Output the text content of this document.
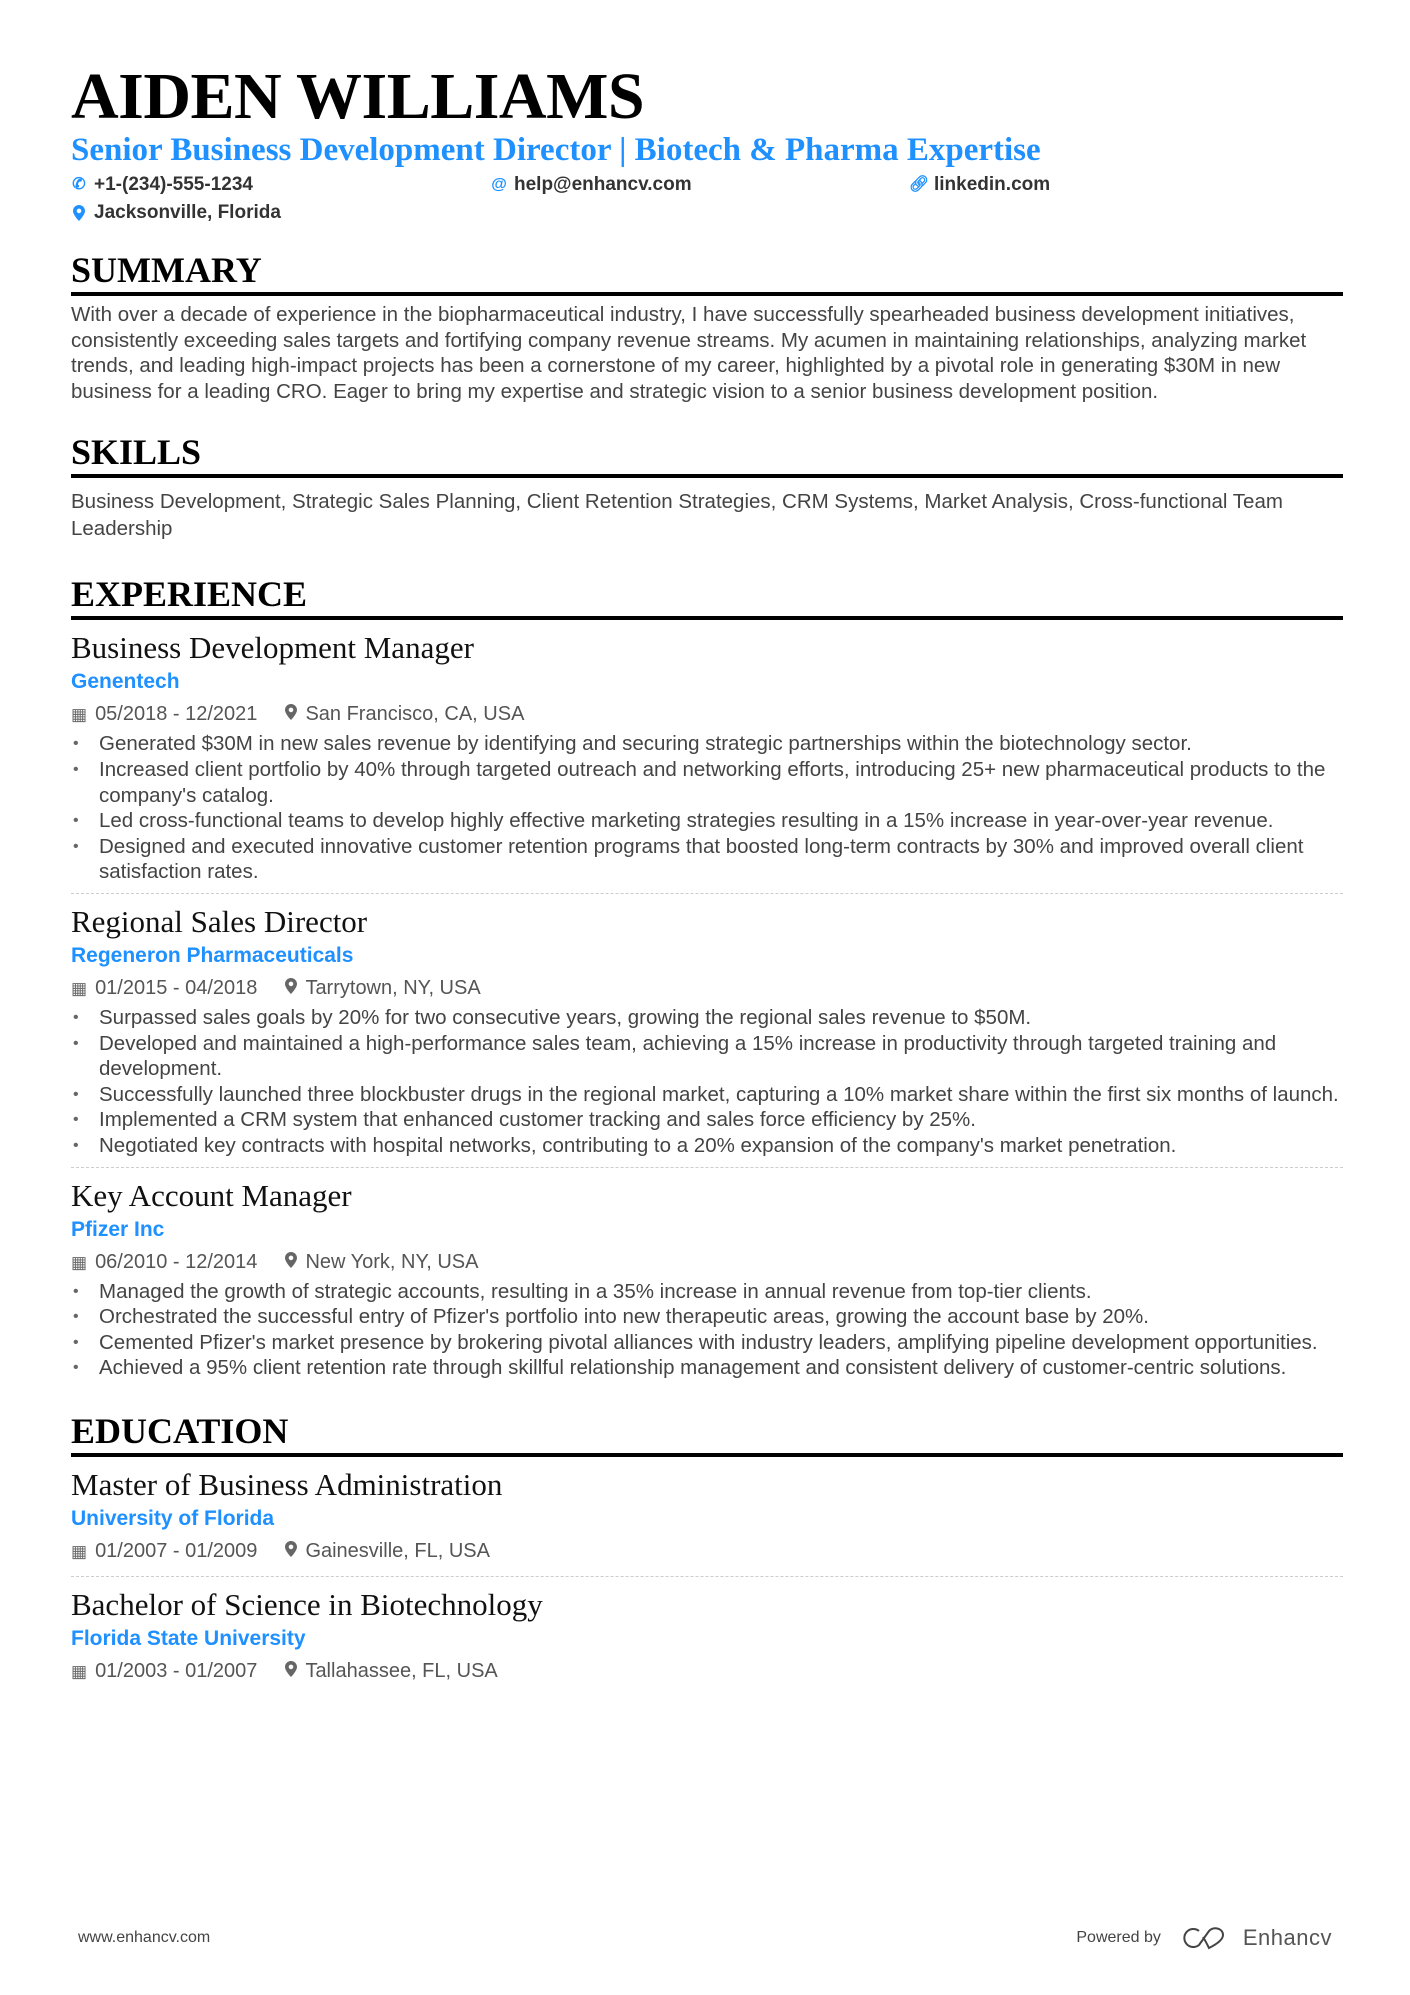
AIDEN WILLIAMS
Senior Business Development Director | Biotech & Pharma Expertise
✆ +1-(234)-555-1234	@ help@enhancv.com	🔗︎ linkedin.com
Jacksonville, Florida
SUMMARY
With over a decade of experience in the biopharmaceutical industry, I have successfully spearheaded business development initiatives, consistently exceeding sales targets and fortifying company revenue streams. My acumen in maintaining relationships, analyzing market trends, and leading high-impact projects has been a cornerstone of my career, highlighted by a pivotal role in generating $30M in new business for a leading CRO. Eager to bring my expertise and strategic vision to a senior business development position.
SKILLS
Business Development, Strategic Sales Planning, Client Retention Strategies, CRM Systems, Market Analysis, Cross-functional Team Leadership
EXPERIENCE
Business Development Manager
Genentech
▦ 05/2018 - 12/2021	San Francisco, CA, USA
• Generated $30M in new sales revenue by identifying and securing strategic partnerships within the biotechnology sector.
• Increased client portfolio by 40% through targeted outreach and networking efforts, introducing 25+ new pharmaceutical products to the company's catalog.
• Led cross-functional teams to develop highly effective marketing strategies resulting in a 15% increase in year-over-year revenue.
• Designed and executed innovative customer retention programs that boosted long-term contracts by 30% and improved overall client satisfaction rates.
Regional Sales Director
Regeneron Pharmaceuticals
▦ 01/2015 - 04/2018	Tarrytown, NY, USA
• Surpassed sales goals by 20% for two consecutive years, growing the regional sales revenue to $50M.
• Developed and maintained a high-performance sales team, achieving a 15% increase in productivity through targeted training and development.
• Successfully launched three blockbuster drugs in the regional market, capturing a 10% market share within the first six months of launch.
• Implemented a CRM system that enhanced customer tracking and sales force efficiency by 25%.
• Negotiated key contracts with hospital networks, contributing to a 20% expansion of the company's market penetration.
Key Account Manager
Pfizer Inc
▦ 06/2010 - 12/2014	New York, NY, USA
• Managed the growth of strategic accounts, resulting in a 35% increase in annual revenue from top-tier clients.
• Orchestrated the successful entry of Pfizer's portfolio into new therapeutic areas, growing the account base by 20%.
• Cemented Pfizer's market presence by brokering pivotal alliances with industry leaders, amplifying pipeline development opportunities.
• Achieved a 95% client retention rate through skillful relationship management and consistent delivery of customer-centric solutions.
EDUCATION
Master of Business Administration
University of Florida
▦ 01/2007 - 01/2009	Gainesville, FL, USA
Bachelor of Science in Biotechnology
Florida State University
▦ 01/2003 - 01/2007	Tallahassee, FL, USA
www.enhancv.com	Powered by	Enhancv
